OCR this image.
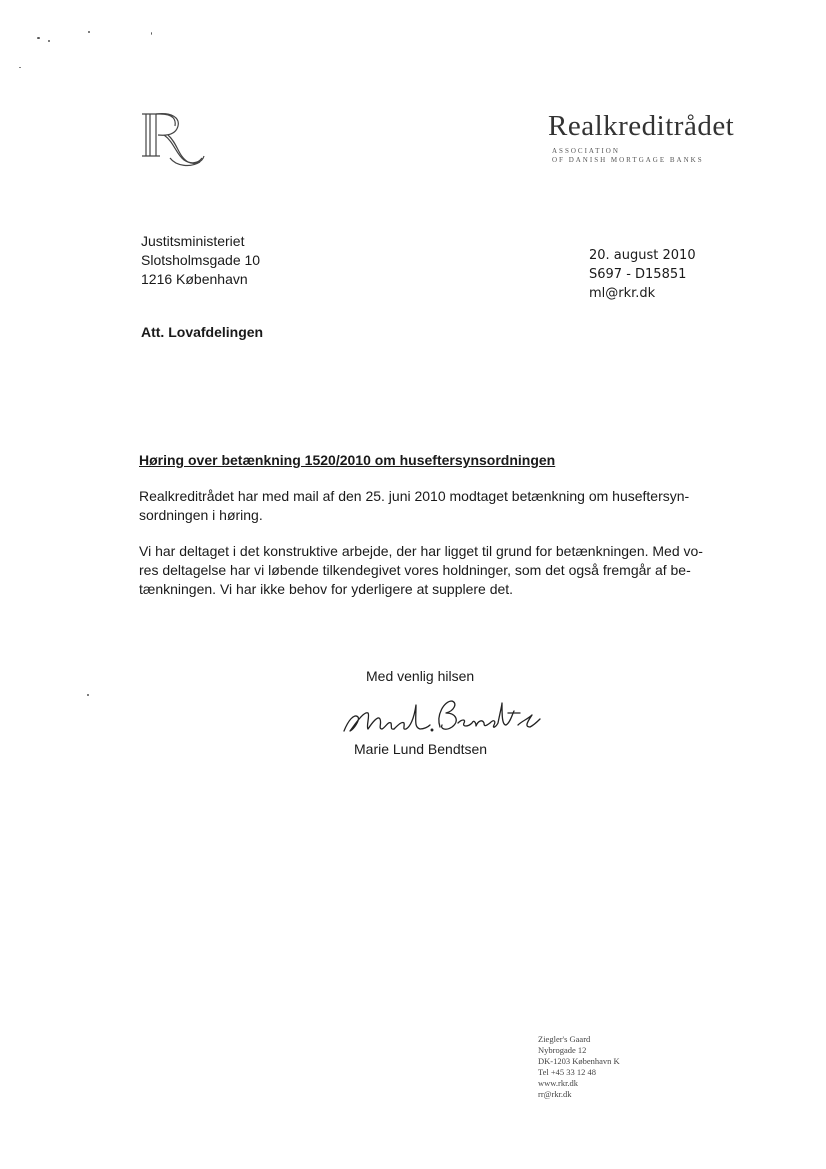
Realkreditrådet
ASSOCIATION
OF DANISH MORTGAGE BANKS
Justitsministeriet
Slotsholmsgade 10
1216 København
20. august 2010
S697 - D15851
ml@rkr.dk
Att. Lovafdelingen
Høring over betænkning 1520/2010 om huseftersynsordningen
Realkreditrådet har med mail af den 25. juni 2010 modtaget betænkning om huseftersyn-
sordningen i høring.
Vi har deltaget i det konstruktive arbejde, der har ligget til grund for betænkningen. Med vo-
res deltagelse har vi løbende tilkendegivet vores holdninger, som det også fremgår af be-
tænkningen. Vi har ikke behov for yderligere at supplere det.
Med venlig hilsen
Marie Lund Bendtsen
Ziegler's Gaard
Nybrogade 12
DK-1203 København K
Tel +45 33 12 48
www.rkr.dk
rr@rkr.dk
